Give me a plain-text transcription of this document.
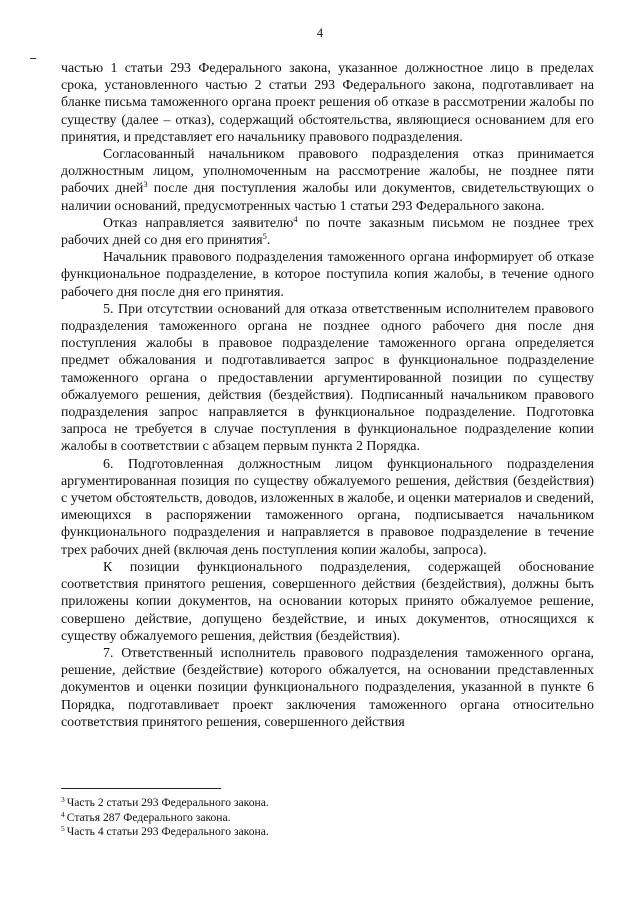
4

частью 1 статьи 293 Федерального закона, указанное должностное лицо в пределах срока, установленного частью 2 статьи 293 Федерального закона, подготавливает на бланке письма таможенного органа проект решения об отказе в рассмотрении жалобы по существу (далее – отказ), содержащий обстоятельства, являющиеся основанием для его принятия, и представляет его начальнику правового подразделения.

Согласованный начальником правового подразделения отказ принимается должностным лицом, уполномоченным на рассмотрение жалобы, не позднее пяти рабочих дней$^3$ после дня поступления жалобы или документов, свидетельствующих о наличии оснований, предусмотренных частью 1 статьи 293 Федерального закона.

Отказ направляется заявителю$^4$ по почте заказным письмом не позднее трех рабочих дней со дня его принятия$^5$.

Начальник правового подразделения таможенного органа информирует об отказе функциональное подразделение, в которое поступила копия жалобы, в течение одного рабочего дня после дня его принятия.

5. При отсутствии оснований для отказа ответственным исполнителем правового подразделения таможенного органа не позднее одного рабочего дня после дня поступления жалобы в правовое подразделение таможенного органа определяется предмет обжалования и подготавливается запрос в функциональное подразделение таможенного органа о предоставлении аргументированной позиции по существу обжалуемого решения, действия (бездействия). Подписанный начальником правового подразделения запрос направляется в функциональное подразделение. Подготовка запроса не требуется в случае поступления в функциональное подразделение копии жалобы в соответствии с абзацем первым пункта 2 Порядка.

6. Подготовленная должностным лицом функционального подразделения аргументированная позиция по существу обжалуемого решения, действия (бездействия) с учетом обстоятельств, доводов, изложенных в жалобе, и оценки материалов и сведений, имеющихся в распоряжении таможенного органа, подписывается начальником функционального подразделения и направляется в правовое подразделение в течение трех рабочих дней (включая день поступления копии жалобы, запроса).

К позиции функционального подразделения, содержащей обоснование соответствия принятого решения, совершенного действия (бездействия), должны быть приложены копии документов, на основании которых принято обжалуемое решение, совершено действие, допущено бездействие, и иных документов, относящихся к существу обжалуемого решения, действия (бездействия).

7. Ответственный исполнитель правового подразделения таможенного органа, решение, действие (бездействие) которого обжалуется, на основании представленных документов и оценки позиции функционального подразделения, указанной в пункте 6 Порядка, подготавливает проект заключения таможенного органа относительно соответствия принятого решения, совершенного действия

$^3$ Часть 2 статьи 293 Федерального закона.
$^4$ Статья 287 Федерального закона.
$^5$ Часть 4 статьи 293 Федерального закона.
